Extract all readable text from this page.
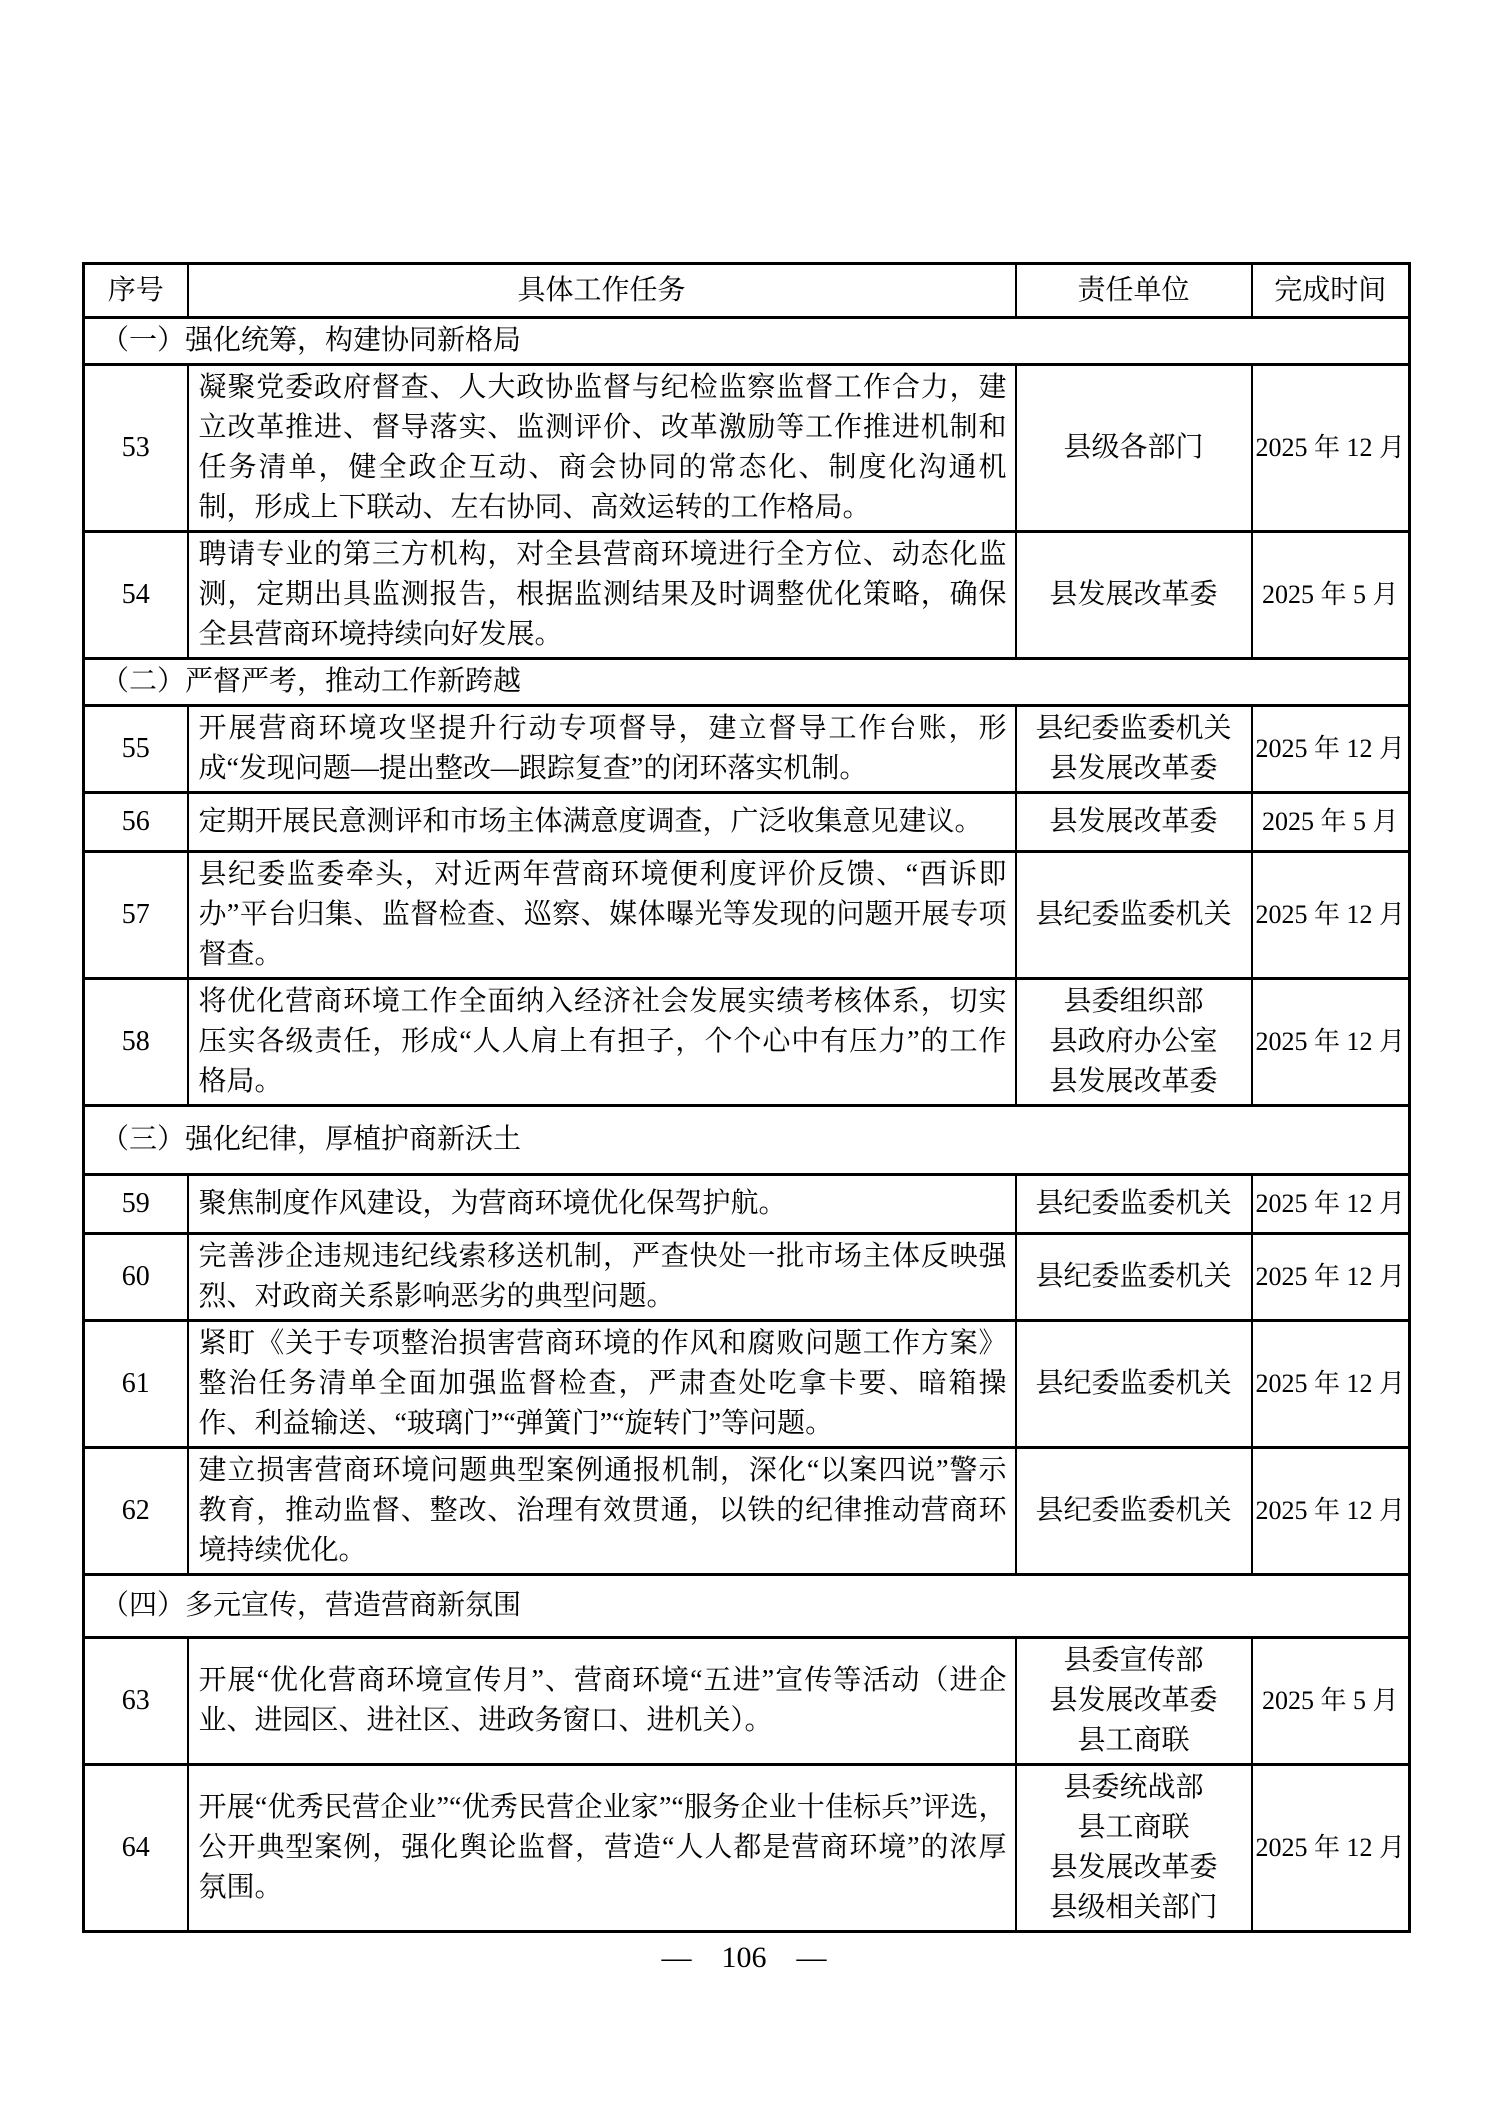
序号	具体工作任务	责任单位	完成时间
（一）强化统筹，构建协同新格局			
53	凝聚党委政府督查、人大政协监督与纪检监察监督工作合力，建立改革推进、督导落实、监测评价、改革激励等工作推进机制和任务清单，健全政企互动、商会协同的常态化、制度化沟通机制，形成上下联动、左右协同、高效运转的工作格局。	县级各部门	2025 年 12 月
54	聘请专业的第三方机构，对全县营商环境进行全方位、动态化监测，定期出具监测报告，根据监测结果及时调整优化策略，确保全县营商环境持续向好发展。	县发展改革委	2025 年 5 月
（二）严督严考，推动工作新跨越			
55	开展营商环境攻坚提升行动专项督导，建立督导工作台账，形成“发现问题—提出整改—跟踪复查”的闭环落实机制。	县纪委监委机关
县发展改革委	2025 年 12 月
56	定期开展民意测评和市场主体满意度调查，广泛收集意见建议。	县发展改革委	2025 年 5 月
57	县纪委监委牵头，对近两年营商环境便利度评价反馈、“酉诉即办”平台归集、监督检查、巡察、媒体曝光等发现的问题开展专项督查。	县纪委监委机关	2025 年 12 月
58	将优化营商环境工作全面纳入经济社会发展实绩考核体系，切实压实各级责任，形成“人人肩上有担子，个个心中有压力”的工作格局。	县委组织部
县政府办公室
县发展改革委	2025 年 12 月
（三）强化纪律，厚植护商新沃土			
59	聚焦制度作风建设，为营商环境优化保驾护航。	县纪委监委机关	2025 年 12 月
60	完善涉企违规违纪线索移送机制，严查快处一批市场主体反映强烈、对政商关系影响恶劣的典型问题。	县纪委监委机关	2025 年 12 月
61	紧盯《关于专项整治损害营商环境的作风和腐败问题工作方案》整治任务清单全面加强监督检查，严肃查处吃拿卡要、暗箱操作、利益输送、“玻璃门”“弹簧门”“旋转门”等问题。	县纪委监委机关	2025 年 12 月
62	建立损害营商环境问题典型案例通报机制，深化“以案四说”警示教育，推动监督、整改、治理有效贯通，以铁的纪律推动营商环境持续优化。	县纪委监委机关	2025 年 12 月
（四）多元宣传，营造营商新氛围			
63	开展“优化营商环境宣传月”、营商环境“五进”宣传等活动（进企业、进园区、进社区、进政务窗口、进机关）。	县委宣传部
县发展改革委
县工商联	2025 年 5 月
64	开展“优秀民营企业”“优秀民营企业家”“服务企业十佳标兵”评选，公开典型案例，强化舆论监督，营造“人人都是营商环境”的浓厚氛围。	县委统战部
县工商联
县发展改革委
县级相关部门	2025 年 12 月
— 106 —
